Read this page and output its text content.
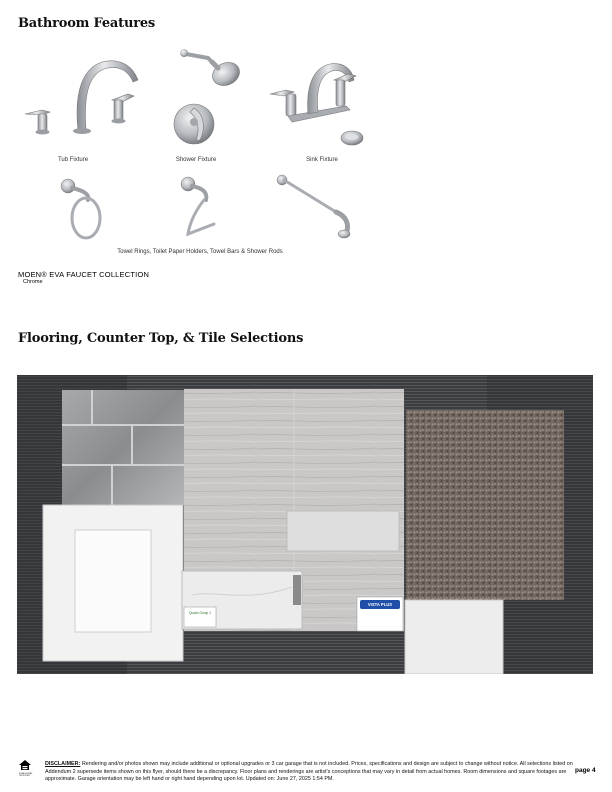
Bathroom Features
Tub Fixture	Shower Fixture	Sink Fixture
Towel Rings, Toilet Paper Holders, Towel Bars & Shower Rods
MOEN® EVA FAUCET COLLECTION
Chrome
Flooring, Counter Top, & Tile Selections
VISTA PLUS
Quartz Group 1
EQUAL HOUSING OPPORTUNITY
DISCLAIMER: Rendering and/or photos shown may include additional or optional upgrades or 3 car garage that is not included. Prices, specifications and design are subject to change without notice. All selections listed on Addendum 2 supersede items shown on this flyer, should there be a discrepancy. Floor plans and renderings are artist's conceptions that may vary in detail from actual homes. Room dimensions and square footages are approximate. Garage orientation may be left hand or right hand depending upon lot. Updated on: June 27, 2025 1:54 PM.
page 4
